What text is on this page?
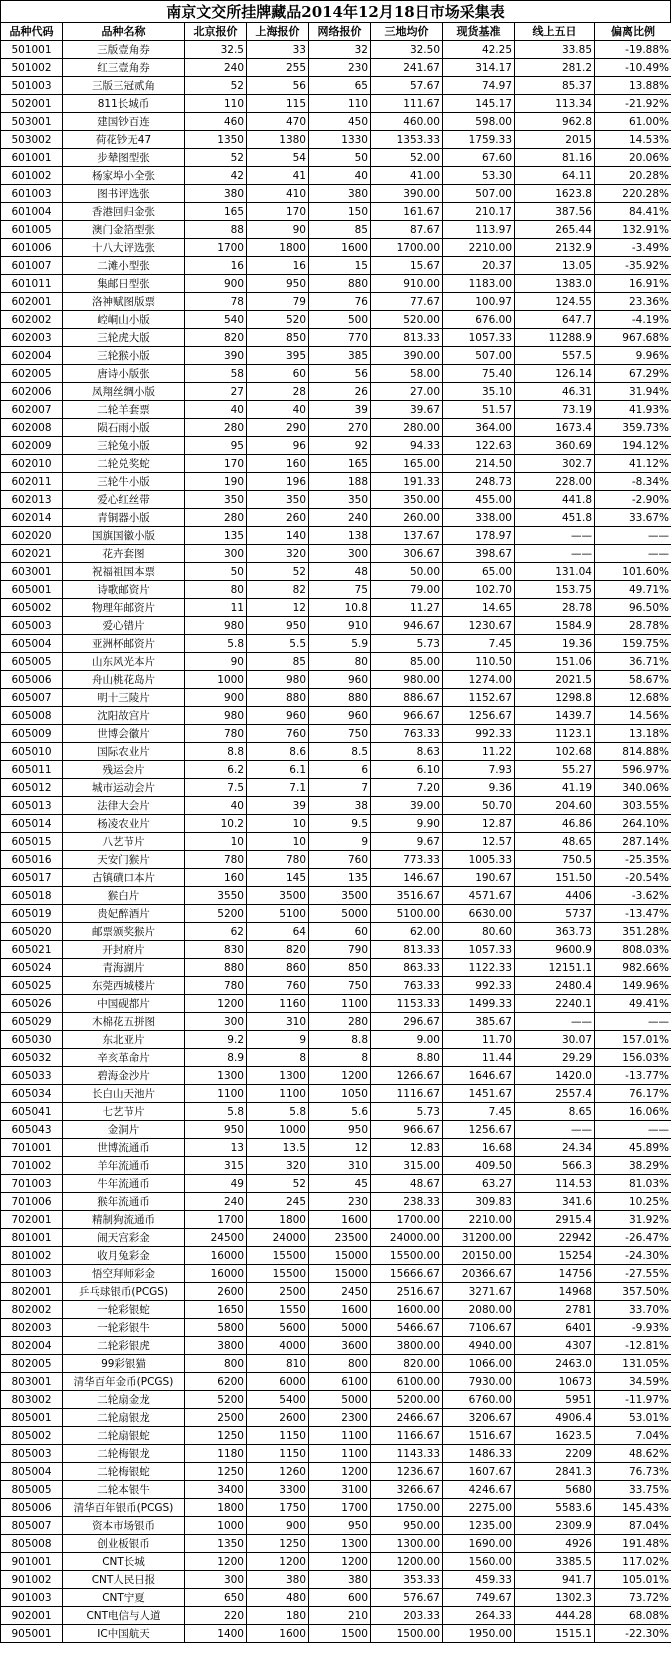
南京文交所挂牌藏品2014年12月18日市场采集表
品种代码	品种名称	北京报价	上海报价	网络报价	三地均价	现货基准	线上五日	偏离比例
501001	三版壹角券	32.5	33	32	32.50	42.25	33.85	-19.88%
501002	红三壹角券	240	255	230	241.67	314.17	281.2	-10.49%
501003	三版三冠贰角	52	56	65	57.67	74.97	85.37	13.88%
502001	811长城币	110	115	110	111.67	145.17	113.34	-21.92%
503001	建国钞百连	460	470	450	460.00	598.00	962.8	61.00%
503002	荷花钞无47	1350	1380	1330	1353.33	1759.33	2015	14.53%
601001	步辇图型张	52	54	50	52.00	67.60	81.16	20.06%
601002	杨家埠小全张	42	41	40	41.00	53.30	64.11	20.28%
601003	图书评选张	380	410	380	390.00	507.00	1623.8	220.28%
601004	香港回归金张	165	170	150	161.67	210.17	387.56	84.41%
601005	澳门金箔型张	88	90	85	87.67	113.97	265.44	132.91%
601006	十八大评选张	1700	1800	1600	1700.00	2210.00	2132.9	-3.49%
601007	二滩小型张	16	16	15	15.67	20.37	13.05	-35.92%
601011	集邮日型张	900	950	880	910.00	1183.00	1383.0	16.91%
602001	洛神赋图版票	78	79	76	77.67	100.97	124.55	23.36%
602002	崆峒山小版	540	520	500	520.00	676.00	647.7	-4.19%
602003	三轮虎大版	820	850	770	813.33	1057.33	11288.9	967.68%
602004	三轮猴小版	390	395	385	390.00	507.00	557.5	9.96%
602005	唐诗小版张	58	60	56	58.00	75.40	126.14	67.29%
602006	凤翔丝绸小版	27	28	26	27.00	35.10	46.31	31.94%
602007	二轮羊套票	40	40	39	39.67	51.57	73.19	41.93%
602008	陨石雨小版	280	290	270	280.00	364.00	1673.4	359.73%
602009	三轮兔小版	95	96	92	94.33	122.63	360.69	194.12%
602010	二轮兑奖蛇	170	160	165	165.00	214.50	302.7	41.12%
602011	三轮牛小版	190	196	188	191.33	248.73	228.00	-8.34%
602013	爱心红丝带	350	350	350	350.00	455.00	441.8	-2.90%
602014	青铜器小版	280	260	240	260.00	338.00	451.8	33.67%
602020	国旗国徽小版	135	140	138	137.67	178.97	——	——
602021	花卉套图	300	320	300	306.67	398.67	——	——
603001	祝福祖国本票	50	52	48	50.00	65.00	131.04	101.60%
605001	诗歌邮资片	80	82	75	79.00	102.70	153.75	49.71%
605002	物理年邮资片	11	12	10.8	11.27	14.65	28.78	96.50%
605003	爱心错片	980	950	910	946.67	1230.67	1584.9	28.78%
605004	亚洲杯邮资片	5.8	5.5	5.9	5.73	7.45	19.36	159.75%
605005	山东风光本片	90	85	80	85.00	110.50	151.06	36.71%
605006	舟山桃花岛片	1000	980	960	980.00	1274.00	2021.5	58.67%
605007	明十三陵片	900	880	880	886.67	1152.67	1298.8	12.68%
605008	沈阳故宫片	980	960	960	966.67	1256.67	1439.7	14.56%
605009	世博会徽片	780	760	750	763.33	992.33	1123.1	13.18%
605010	国际农业片	8.8	8.6	8.5	8.63	11.22	102.68	814.88%
605011	残运会片	6.2	6.1	6	6.10	7.93	55.27	596.97%
605012	城市运动会片	7.5	7.1	7	7.20	9.36	41.19	340.06%
605013	法律大会片	40	39	38	39.00	50.70	204.60	303.55%
605014	杨凌农业片	10.2	10	9.5	9.90	12.87	46.86	264.10%
605015	八艺节片	10	10	9	9.67	12.57	48.65	287.14%
605016	天安门猴片	780	780	760	773.33	1005.33	750.5	-25.35%
605017	古镇磧口本片	160	145	135	146.67	190.67	151.50	-20.54%
605018	猴白片	3550	3500	3500	3516.67	4571.67	4406	-3.62%
605019	贵妃醉酒片	5200	5100	5000	5100.00	6630.00	5737	-13.47%
605020	邮票颁奖猴片	62	64	60	62.00	80.60	363.73	351.28%
605021	开封府片	830	820	790	813.33	1057.33	9600.9	808.03%
605024	青海湖片	880	860	850	863.33	1122.33	12151.1	982.66%
605025	东莞西城楼片	780	760	750	763.33	992.33	2480.4	149.96%
605026	中国砚都片	1200	1160	1100	1153.33	1499.33	2240.1	49.41%
605029	木棉花五拼图	300	310	280	296.67	385.67	——	——
605030	东北亚片	9.2	9	8.8	9.00	11.70	30.07	157.01%
605032	辛亥革命片	8.9	8	8	8.80	11.44	29.29	156.03%
605033	碧海金沙片	1300	1300	1200	1266.67	1646.67	1420.0	-13.77%
605034	长白山天池片	1100	1100	1050	1116.67	1451.67	2557.4	76.17%
605041	七艺节片	5.8	5.8	5.6	5.73	7.45	8.65	16.06%
605043	金洞片	950	1000	950	966.67	1256.67	——	——
701001	世博流通币	13	13.5	12	12.83	16.68	24.34	45.89%
701002	羊年流通币	315	320	310	315.00	409.50	566.3	38.29%
701003	牛年流通币	49	52	45	48.67	63.27	114.53	81.03%
701006	猴年流通币	240	245	230	238.33	309.83	341.6	10.25%
702001	精制狗流通币	1700	1800	1600	1700.00	2210.00	2915.4	31.92%
801001	闹天宫彩金	24500	24000	23500	24000.00	31200.00	22942	-26.47%
801002	收月兔彩金	16000	15500	15000	15500.00	20150.00	15254	-24.30%
801003	悟空拜师彩金	16000	15500	15000	15666.67	20366.67	14756	-27.55%
802001	乒乓球银币(PCGS)	2600	2500	2450	2516.67	3271.67	14968	357.50%
802002	一轮彩银蛇	1650	1550	1600	1600.00	2080.00	2781	33.70%
802003	一轮彩银牛	5800	5600	5000	5466.67	7106.67	6401	-9.93%
802004	二轮彩银虎	3800	4000	3600	3800.00	4940.00	4307	-12.81%
802005	99彩银猫	800	810	800	820.00	1066.00	2463.0	131.05%
803001	清华百年金币(PCGS)	6200	6000	6100	6100.00	7930.00	10673	34.59%
803002	二轮扇金龙	5200	5400	5000	5200.00	6760.00	5951	-11.97%
805001	二轮扇银龙	2500	2600	2300	2466.67	3206.67	4906.4	53.01%
805002	二轮扇银蛇	1250	1150	1100	1166.67	1516.67	1623.5	7.04%
805003	二轮梅银龙	1180	1150	1100	1143.33	1486.33	2209	48.62%
805004	二轮梅银蛇	1250	1260	1200	1236.67	1607.67	2841.3	76.73%
805005	二轮本银牛	3400	3300	3100	3266.67	4246.67	5680	33.75%
805006	清华百年银币(PCGS)	1800	1750	1700	1750.00	2275.00	5583.6	145.43%
805007	资本市场银币	1000	900	950	950.00	1235.00	2309.9	87.04%
805008	创业板银币	1350	1250	1300	1300.00	1690.00	4926	191.48%
901001	CNT长城	1200	1200	1200	1200.00	1560.00	3385.5	117.02%
901002	CNT人民日报	300	380	380	353.33	459.33	941.7	105.01%
901003	CNT宁夏	650	480	600	576.67	749.67	1302.3	73.72%
902001	CNT电信与人道	220	180	210	203.33	264.33	444.28	68.08%
905001	IC中国航天	1400	1600	1500	1500.00	1950.00	1515.1	-22.30%
